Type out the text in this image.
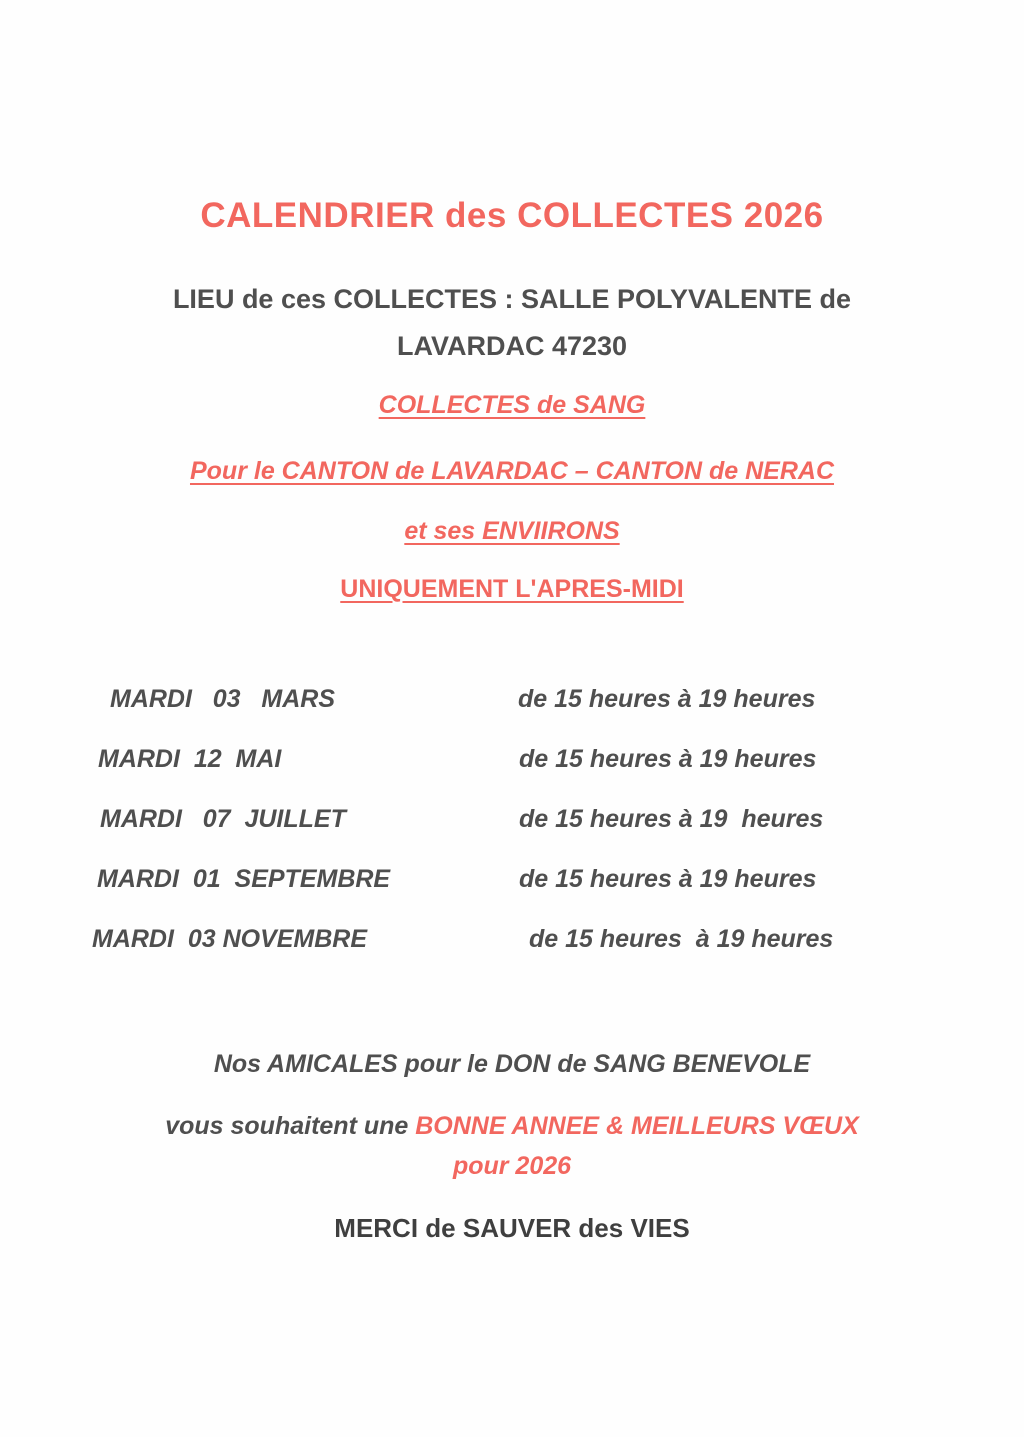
CALENDRIER des COLLECTES 2026
LIEU de ces COLLECTES : SALLE POLYVALENTE de
LAVARDAC 47230
COLLECTES de SANG
Pour le CANTON de LAVARDAC – CANTON de NERAC
et ses ENVIIRONS
UNIQUEMENT L'APRES-MIDI
MARDI   03   MARS	de 15 heures à 19 heures
MARDI  12  MAI	de 15 heures à 19 heures
MARDI   07  JUILLET	de 15 heures à 19  heures
MARDI  01  SEPTEMBRE	de 15 heures à 19 heures
MARDI  03 NOVEMBRE	de 15 heures  à 19 heures
Nos AMICALES pour le DON de SANG BENEVOLE
vous souhaitent une BONNE ANNEE & MEILLEURS VŒUX
pour 2026
MERCI de SAUVER des VIES
